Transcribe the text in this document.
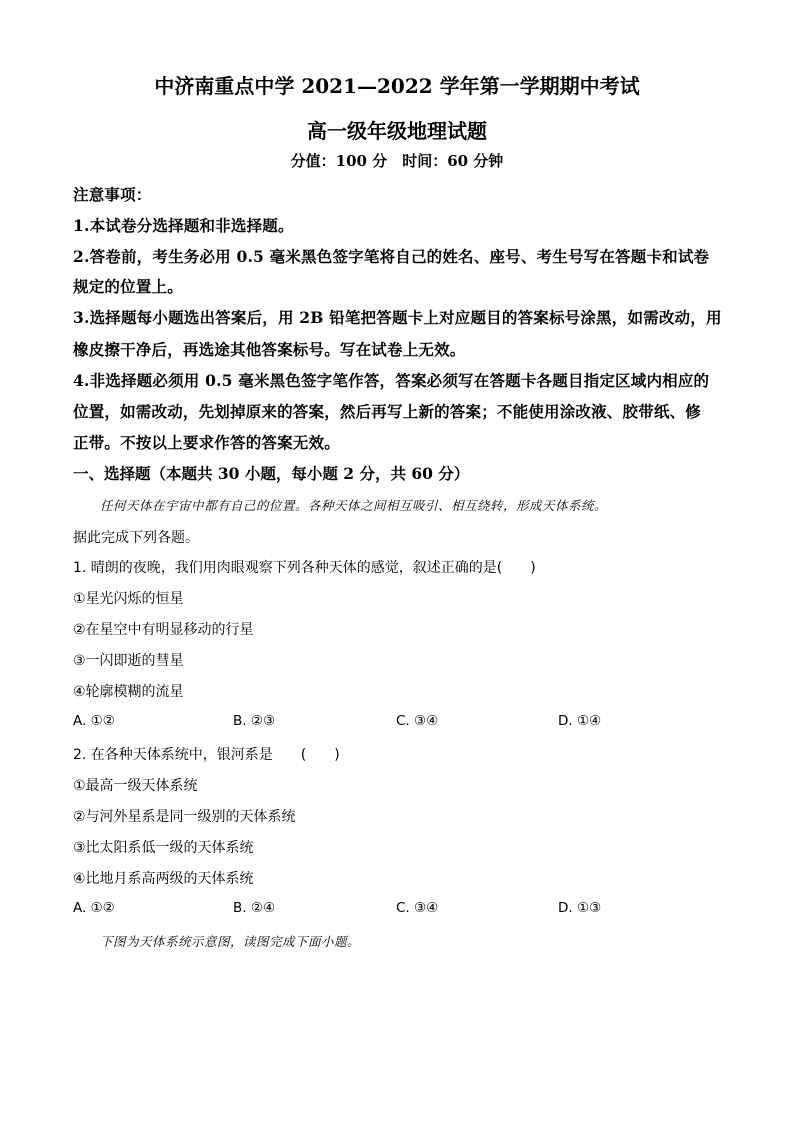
中济南重点中学 2021—2022 学年第一学期期中考试
高一级年级地理试题
分值：100 分　时间：60 分钟
注意事项：
1.本试卷分选择题和非选择题。
2.答卷前，考生务必用 0.5 毫米黑色签字笔将自己的姓名、座号、考生号写在答题卡和试卷
规定的位置上。
3.选择题每小题选出答案后，用 2B 铅笔把答题卡上对应题目的答案标号涂黑，如需改动，用
橡皮擦干净后，再选途其他答案标号。写在试卷上无效。
4.非选择题必须用 0.5 毫米黑色签字笔作答，答案必须写在答题卡各题目指定区域内相应的
位置，如需改动，先划掉原来的答案，然后再写上新的答案；不能使用涂改液、胶带纸、修
正带。不按以上要求作答的答案无效。
一、选择题（本题共 30 小题，每小题 2 分，共 60 分）
任何天体在宇宙中都有自己的位置。各种天体之间相互吸引、相互绕转，形成天体系统。
据此完成下列各题。
1. 晴朗的夜晚，我们用肉眼观察下列各种天体的感觉，叙述正确的是(　　)
①星光闪烁的恒星
②在星空中有明显移动的行星
③一闪即逝的彗星
④轮廓模糊的流星
A. ①②	B. ②③	C. ③④	D. ①④
2. 在各种天体系统中，银河系是　　(　　)
①最高一级天体系统
②与河外星系是同一级别的天体系统
③比太阳系低一级的天体系统
④比地月系高两级的天体系统
A. ①②	B. ②④	C. ③④	D. ①③
下图为天体系统示意图，读图完成下面小题。
